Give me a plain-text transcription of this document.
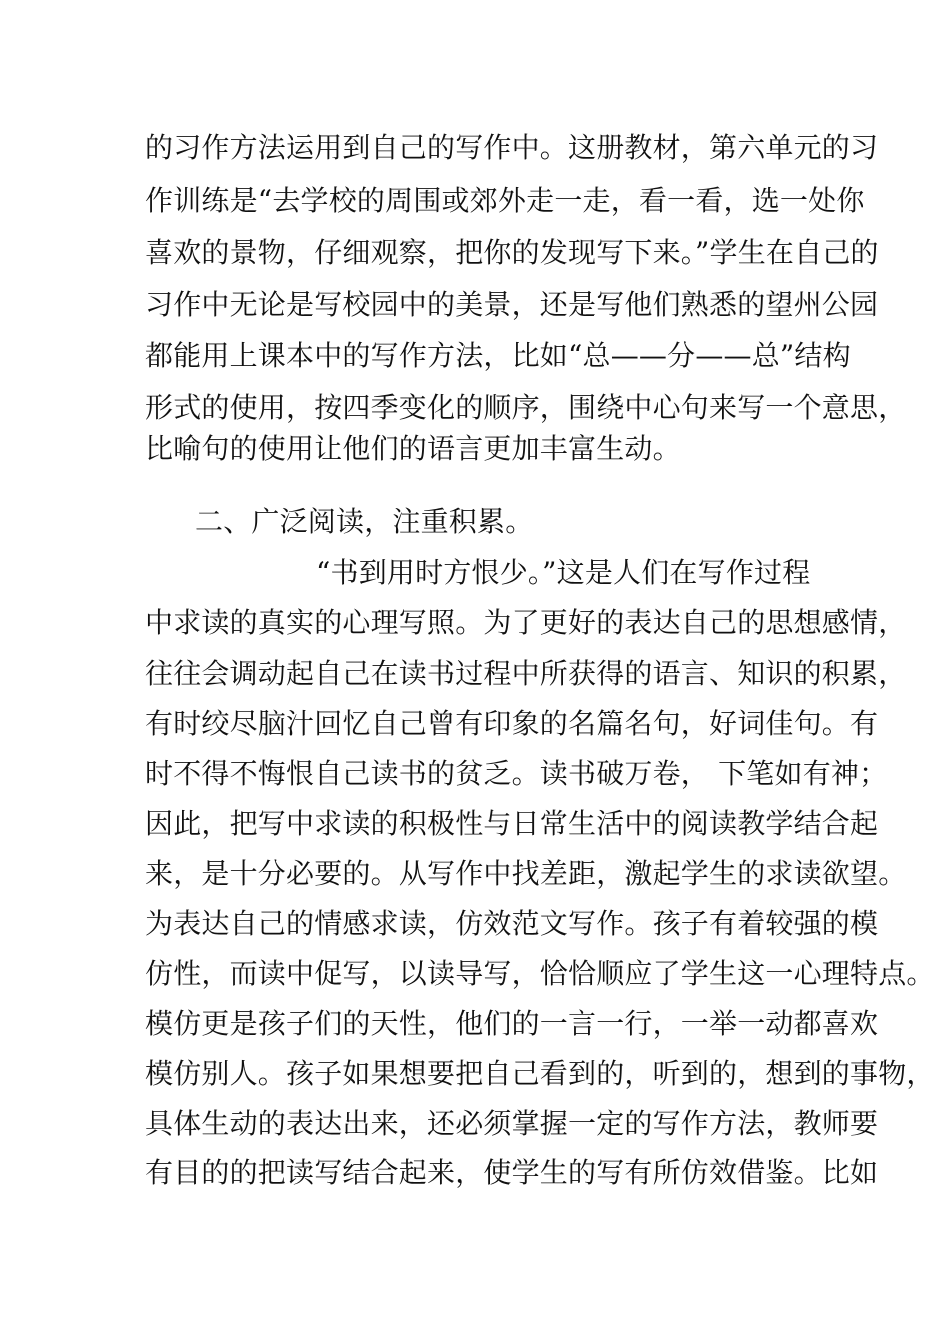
的习作方法运用到自己的写作中。这册教材，第六单元的习
作训练是“去学校的周围或郊外走一走，看一看，选一处你
喜欢的景物，仔细观察，把你的发现写下来。”学生在自己的
习作中无论是写校园中的美景，还是写他们熟悉的望州公园
都能用上课本中的写作方法，比如“总——分——总”结构
形式的使用，按四季变化的顺序，围绕中心句来写一个意思，
比喻句的使用让他们的语言更加丰富生动。
二、广泛阅读，注重积累。
“书到用时方恨少。”这是人们在写作过程
中求读的真实的心理写照。为了更好的表达自己的思想感情，
往往会调动起自己在读书过程中所获得的语言、知识的积累，
有时绞尽脑汁回忆自己曾有印象的名篇名句，好词佳句。有
时不得不悔恨自己读书的贫乏。读书破万卷， 下笔如有神；
因此，把写中求读的积极性与日常生活中的阅读教学结合起
来，是十分必要的。从写作中找差距，激起学生的求读欲望。
为表达自己的情感求读，仿效范文写作。孩子有着较强的模
仿性，而读中促写，以读导写，恰恰顺应了学生这一心理特点。
模仿更是孩子们的天性，他们的一言一行，一举一动都喜欢
模仿别人。孩子如果想要把自己看到的，听到的，想到的事物，
具体生动的表达出来，还必须掌握一定的写作方法，教师要
有目的的把读写结合起来，使学生的写有所仿效借鉴。比如
